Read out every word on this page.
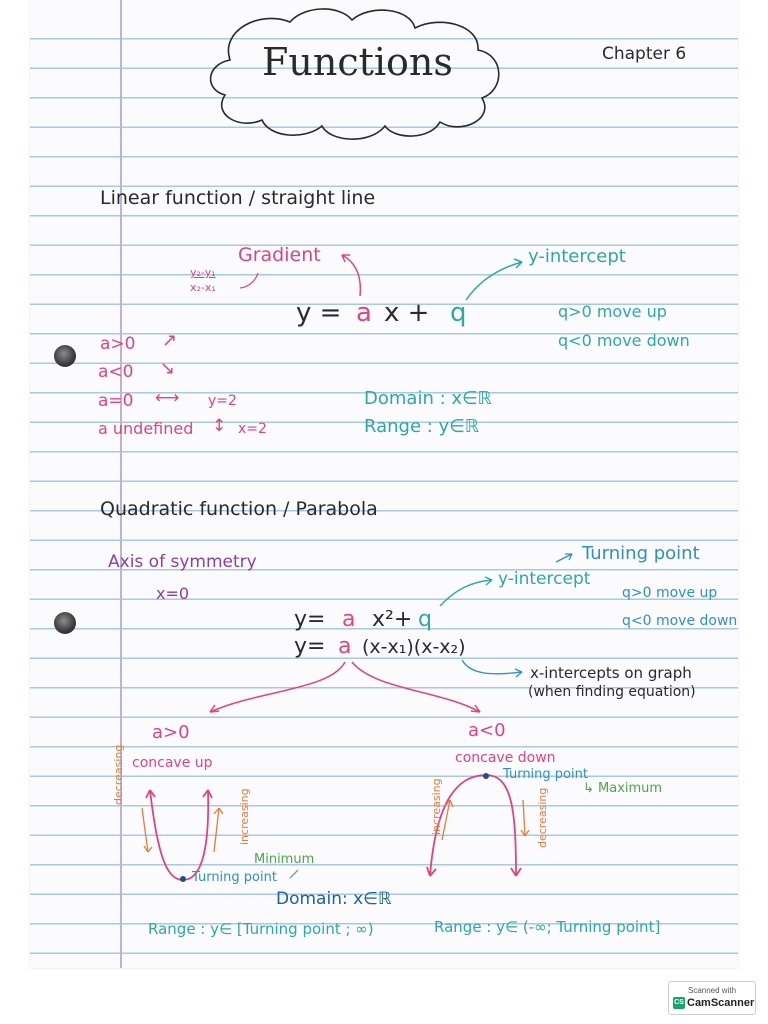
Functions	Chapter 6
Linear function / straight line
Gradient
y₂-y₁
x₂-x₁
y-intercept
y = a x + q	q>0 move up
q<0 move down
a>0 ↗
a<0 ↘
a=0 ⟷ y=2
a undefined ↕ x=2
Domain : x∈ℝ
Range : y∈ℝ
Quadratic function / Parabola
Axis of symmetry
x=0
Turning point
y-intercept
q>0 move up
q<0 move down
y= a x²+ q
y= a (x-x₁)(x-x₂)
x-intercepts on graph
(when finding equation)
a>0
concave up
decreasing
increasing
Minimum
Turning point
a<0
concave down
Turning point
↳ Maximum
increasing	decreasing
Domain: x∈ℝ
Range : y∈ [Turning point ; ∞)	Range : y∈ (-∞; Turning point]
Scanned with
CS CamScanner
